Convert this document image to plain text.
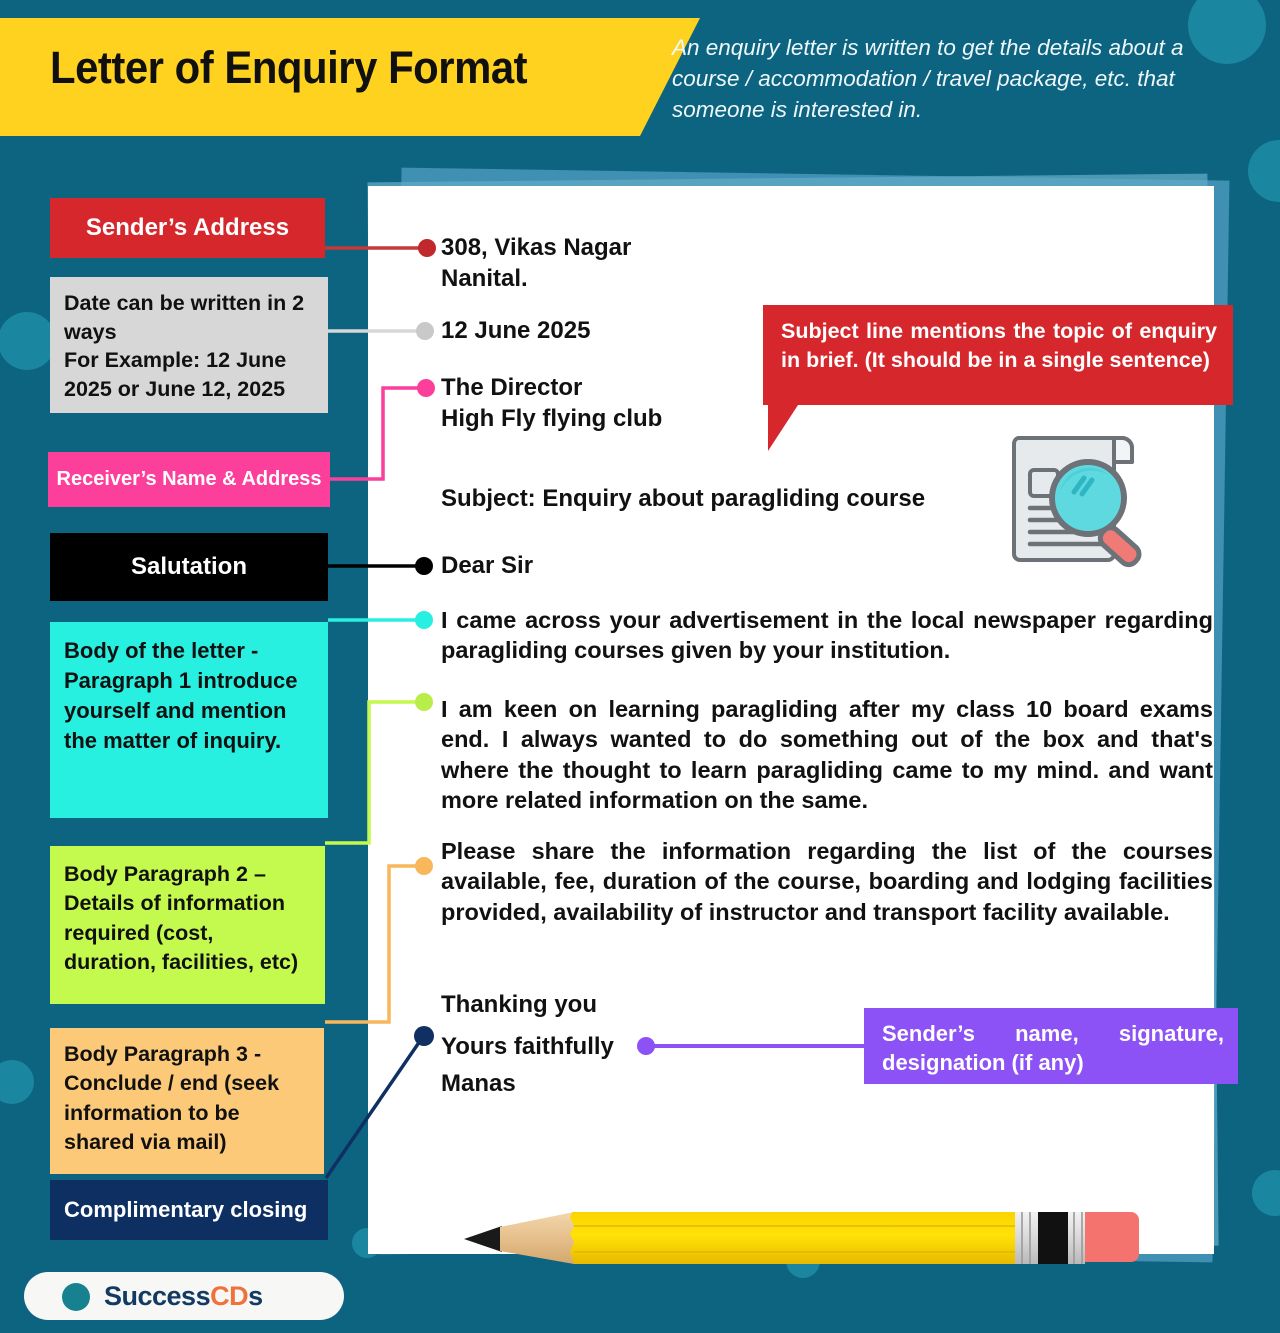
Letter of Enquiry Format	An enquiry letter is written to get the details about a course / accommodation / travel package, etc. that someone is interested in.
Sender’s Address
Date can be written in 2 ways
For Example: 12 June 2025 or June 12, 2025
Receiver’s Name & Address
Salutation
Body of the letter - Paragraph 1 introduce yourself and mention the matter of inquiry.
Body Paragraph 2 – Details of information required (cost, duration, facilities, etc)
Body Paragraph 3 - Conclude / end (seek information to be shared via mail)
Complimentary closing
308, Vikas Nagar
Nanital.
12 June 2025
The Director
High Fly flying club
Subject: Enquiry about paragliding course
Dear Sir
I came across your advertisement in the local newspaper regarding paragliding courses given by your institution.
I am keen on learning paragliding after my class 10 board exams end. I always wanted to do something out of the box and that's where the thought to learn paragliding came to my mind. and want more related information on the same.
Please share the information regarding the list of the courses available, fee, duration of the course, boarding and lodging facilities provided, availability of instructor and transport facility available.
Thanking you
Yours faithfully
Manas
Subject line mentions the topic of enquiry in brief. (It should be in a single sentence)
Sender’s name, signature, designation (if any)
SuccessCDs
